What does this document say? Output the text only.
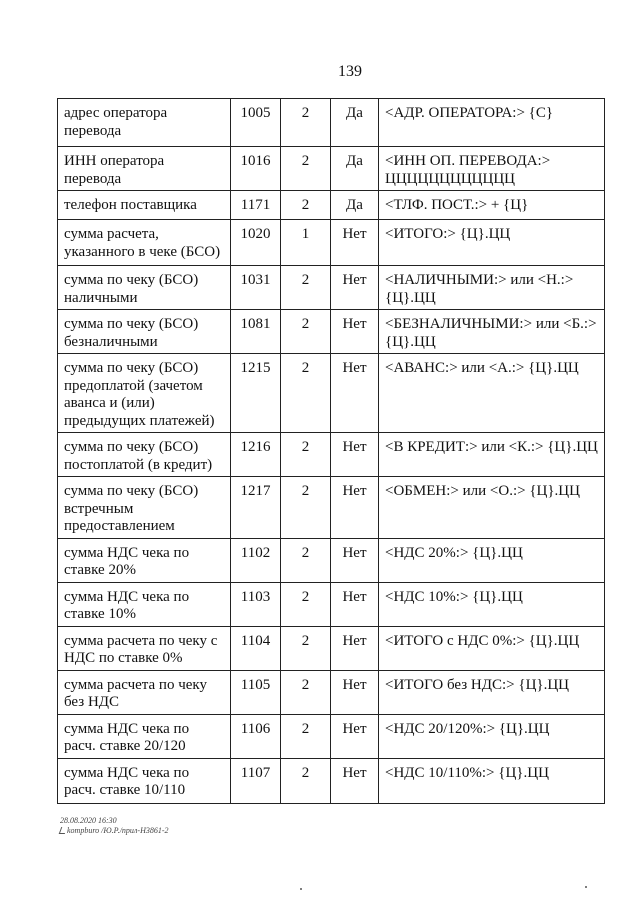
139
адрес оператора
перевода	1005	2	Да	<АДР. ОПЕРАТОРА:> {С}

ИНН оператора
перевода	1016	2	Да	<ИНН ОП. ПЕРЕВОДА:>
ЦЦЦЦЦЦЦЦЦЦЦЦ

телефон поставщика	1171	2	Да	<ТЛФ. ПОСТ.:> + {Ц}

сумма расчета,
указанного в чеке (БСО)	1020	1	Нет	<ИТОГО:> {Ц}.ЦЦ

сумма по чеку (БСО)
наличными	1031	2	Нет	<НАЛИЧНЫМИ:> или <Н.:>
{Ц}.ЦЦ

сумма по чеку (БСО)
безналичными	1081	2	Нет	<БЕЗНАЛИЧНЫМИ:> или <Б.:>
{Ц}.ЦЦ

сумма по чеку (БСО)
предоплатой (зачетом
аванса и (или)
предыдущих платежей)	1215	2	Нет	<АВАНС:> или <А.:> {Ц}.ЦЦ

сумма по чеку (БСО)
постоплатой (в кредит)	1216	2	Нет	<В КРЕДИТ:> или <К.:> {Ц}.ЦЦ

сумма по чеку (БСО)
встречным
предоставлением	1217	2	Нет	<ОБМЕН:> или <О.:> {Ц}.ЦЦ

сумма НДС чека по
ставке 20%	1102	2	Нет	<НДС 20%:> {Ц}.ЦЦ

сумма НДС чека по
ставке 10%	1103	2	Нет	<НДС 10%:> {Ц}.ЦЦ

сумма расчета по чеку с
НДС по ставке 0%	1104	2	Нет	<ИТОГО с НДС 0%:> {Ц}.ЦЦ

сумма расчета по чеку
без НДС	1105	2	Нет	<ИТОГО без НДС:> {Ц}.ЦЦ

сумма НДС чека по
расч. ставке 20/120	1106	2	Нет	<НДС 20/120%:> {Ц}.ЦЦ

сумма НДС чека по
расч. ставке 10/110	1107	2	Нет	<НДС 10/110%:> {Ц}.ЦЦ
28.08.2020 16:30
kompburo /Ю.Р./прил-Н3861-2
